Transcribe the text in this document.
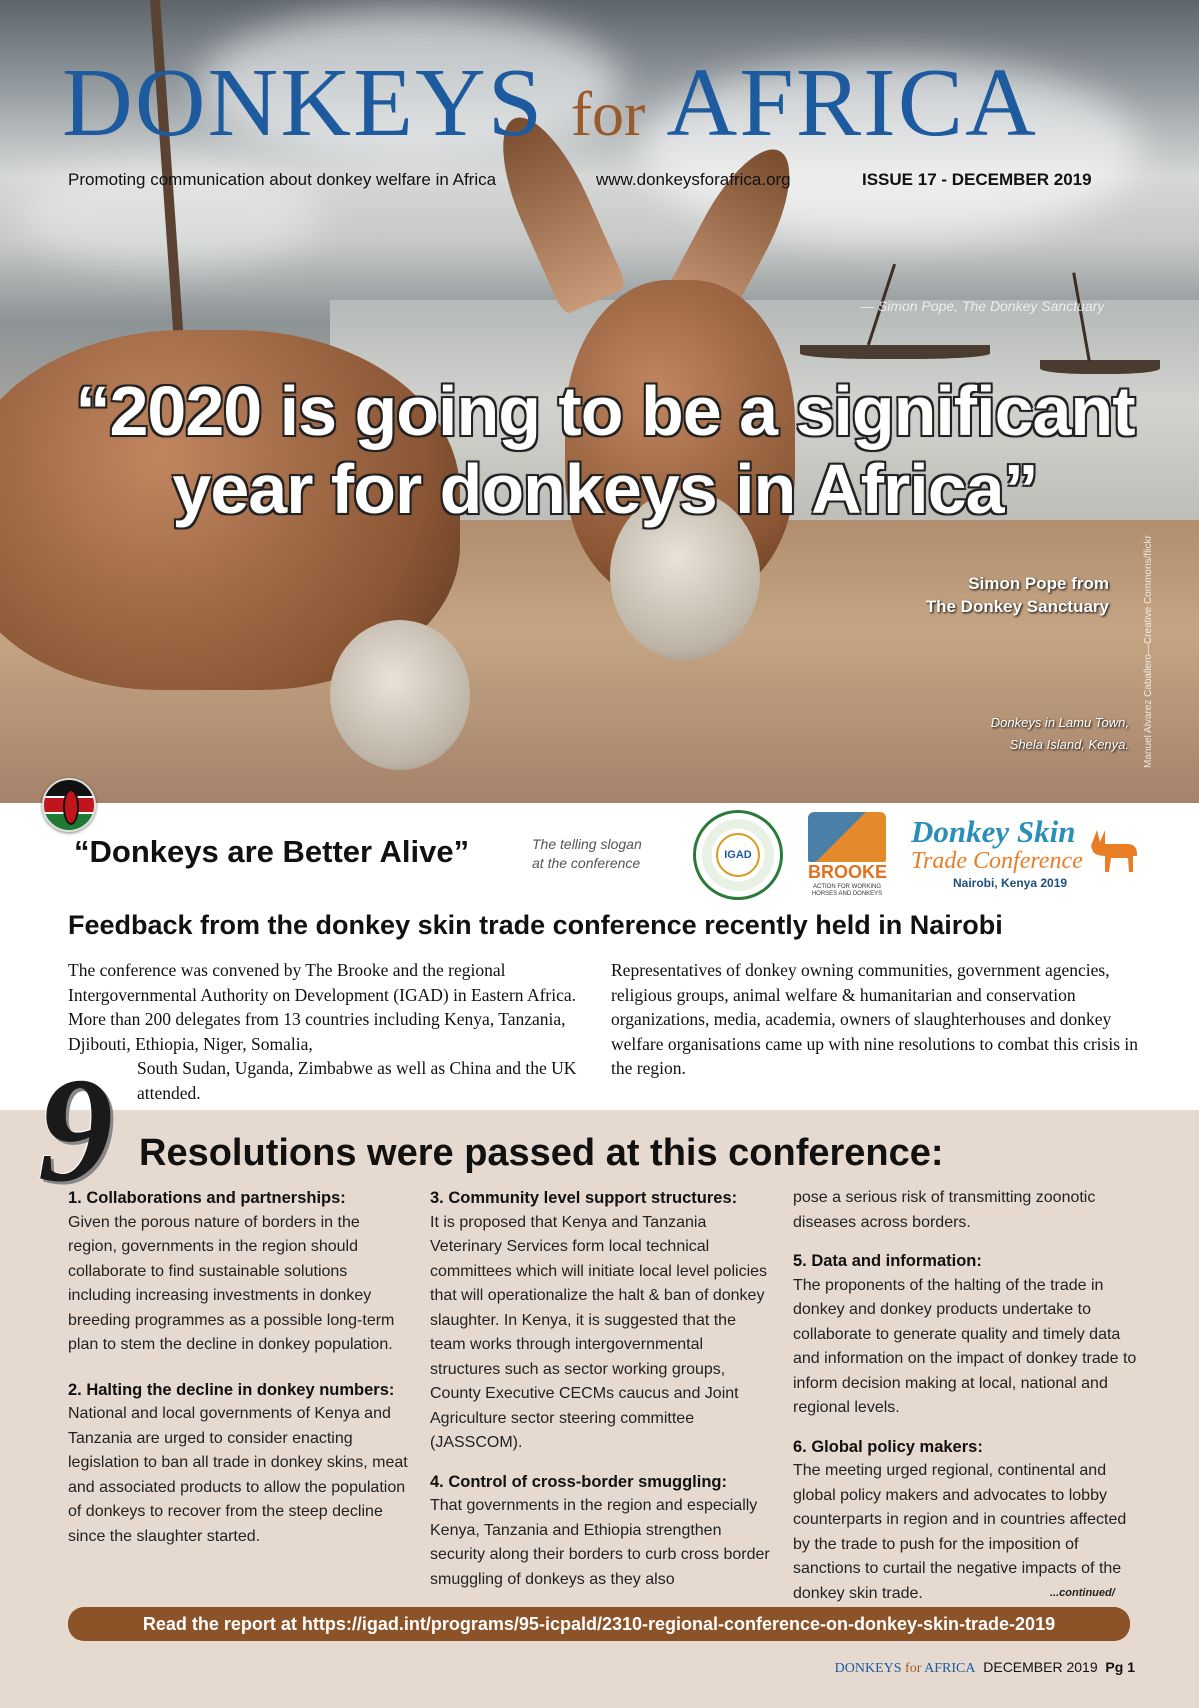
DONKEYS for AFRICA
Promoting communication about donkey welfare in Africa	www.donkeysforafrica.org	ISSUE 17 - DECEMBER 2019
— Simon Pope, The Donkey Sanctuary
“2020 is going to be a significant
year for donkeys in Africa”
Simon Pope from
The Donkey Sanctuary
Donkeys in Lamu Town,
Shela Island, Kenya. Manuel Alvarez Caballero—Creative Commons/flickr
“Donkeys are Better Alive”	The telling slogan
at the conference	IGAD
BROOKE
ACTION FOR WORKING HORSES AND DONKEYS
Donkey Skin
Trade Conference
Nairobi, Kenya 2019
Feedback from the donkey skin trade conference recently held in Nairobi
The conference was convened by The Brooke and the regional Intergovernmental Authority on Development (IGAD) in Eastern Africa. More than 200 delegates from 13 countries including Kenya, Tanzania, Djibouti, Ethiopia, Niger, Somalia,
South Sudan, Uganda, Zimbabwe as well as China and the UK attended.
Representatives of donkey owning communities, government agencies, religious groups, animal welfare & humanitarian and conservation organizations, media, academia, owners of slaughterhouses and donkey welfare organisations came up with nine resolutions to combat this crisis in the region.
9 Resolutions were passed at this conference:
1. Collaborations and partnerships:

Given the porous nature of borders in the region, governments in the region should collaborate to find sustainable solutions including increasing investments in donkey breeding programmes as a possible long-term plan to stem the decline in donkey population.

2. Halting the decline in donkey numbers:

National and local governments of Kenya and Tanzania are urged to consider enacting legislation to ban all trade in donkey skins, meat and associated products to allow the population of donkeys to recover from the steep decline since the slaughter started.

3. Community level support structures:

It is proposed that Kenya and Tanzania Veterinary Services form local technical committees which will initiate local level policies that will operationalize the halt & ban of donkey slaughter. In Kenya, it is suggested that the team works through intergovernmental structures such as sector working groups, County Executive CECMs caucus and Joint Agriculture sector steering committee (JASSCOM).

4. Control of cross-border smuggling:

That governments in the region and especially Kenya, Tanzania and Ethiopia strengthen security along their borders to curb cross border smuggling of donkeys as they also

pose a serious risk of transmitting zoonotic diseases across borders.

5. Data and information:

The proponents of the halting of the trade in donkey and donkey products undertake to collaborate to generate quality and timely data and information on the impact of donkey trade to inform decision making at local, national and regional levels.

6. Global policy makers:

The meeting urged regional, continental and global policy makers and advocates to lobby counterparts in region and in countries affected by the trade to push for the imposition of sanctions to curtail the negative impacts of the donkey skin trade.	...continued/
Read the report at https://igad.int/programs/95-icpald/2310-regional-conference-on-donkey-skin-trade-2019
DONKEYS for AFRICA DECEMBER 2019 Pg 1
